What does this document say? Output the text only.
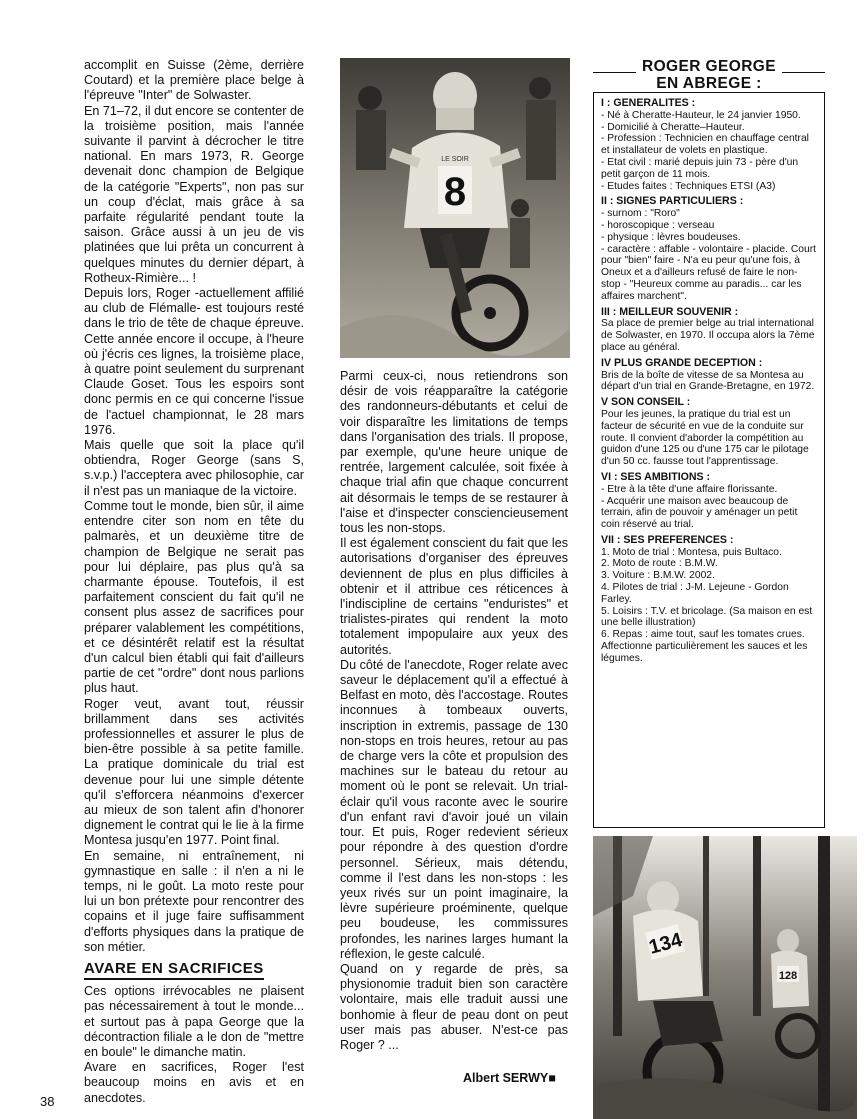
accomplit en Suisse (2ème, derrière Coutard) et la première place belge à l'épreuve "Inter" de Solwaster.

En 71–72, il dut encore se contenter de la troisième position, mais l'année suivante il parvint à décrocher le titre national. En mars 1973, R. George devenait donc champion de Belgique de la catégorie "Experts", non pas sur un coup d'éclat, mais grâce à sa parfaite régularité pendant toute la saison. Grâce aussi à un jeu de vis platinées que lui prêta un concurrent à quelques minutes du dernier départ, à Rotheux-Rimière... !

Depuis lors, Roger -actuellement affilié au club de Flémalle- est toujours resté dans le trio de tête de chaque épreuve. Cette année encore il occupe, à l'heure où j'écris ces lignes, la troisième place, à quatre point seulement du surprenant Claude Goset. Tous les espoirs sont donc permis en ce qui concerne l'issue de l'actuel championnat, le 28 mars 1976.

Mais quelle que soit la place qu'il obtiendra, Roger George (sans S, s.v.p.) l'acceptera avec philosophie, car il n'est pas un maniaque de la victoire.

Comme tout le monde, bien sûr, il aime entendre citer son nom en tête du palmarès, et un deuxième titre de champion de Belgique ne serait pas pour lui déplaire, pas plus qu'à sa charmante épouse. Toutefois, il est parfaitement conscient du fait qu'il ne consent plus assez de sacrifices pour préparer valablement les compétitions, et ce désintérêt relatif est la résultat d'un calcul bien établi qui fait d'ailleurs partie de cet "ordre" dont nous parlions plus haut.

Roger veut, avant tout, réussir brillamment dans ses activités professionnelles et assurer le plus de bien-être possible à sa petite famille. La pratique dominicale du trial est devenue pour lui une simple détente qu'il s'efforcera néanmoins d'exercer au mieux de son talent afin d'honorer dignement le contrat qui le lie à la firme Montesa jusqu'en 1977. Point final.

En semaine, ni entraînement, ni gymnastique en salle : il n'en a ni le temps, ni le goût. La moto reste pour lui un bon prétexte pour rencontrer des copains et il juge faire suffisamment d'efforts physiques dans la pratique de son métier.

AVARE EN SACRIFICES

Ces options irrévocables ne plaisent pas nécessairement à tout le monde... et surtout pas à papa George que la décontraction filiale a le don de "mettre en boule" le dimanche matin.

Avare en sacrifices, Roger l'est beaucoup moins en avis et en anecdotes.

8
LE SOIR

Parmi ceux-ci, nous retiendrons son désir de vois réapparaître la catégorie des randonneurs-débutants et celui de voir disparaître les limitations de temps dans l'organisation des trials. Il propose, par exemple, qu'une heure unique de rentrée, largement calculée, soit fixée à chaque trial afin que chaque concurrent ait désormais le temps de se restaurer à l'aise et d'inspecter consciencieusement tous les non-stops.

Il est également conscient du fait que les autorisations d'organiser des épreuves deviennent de plus en plus difficiles à obtenir et il attribue ces réticences à l'indiscipline de certains "enduristes" et trialistes-pirates qui rendent la moto totalement impopulaire aux yeux des autorités.

Du côté de l'anecdote, Roger relate avec saveur le déplacement qu'il a effectué à Belfast en moto, dès l'accostage. Routes inconnues à tombeaux ouverts, inscription in extremis, passage de 130 non-stops en trois heures, retour au pas de charge vers la côte et propulsion des machines sur le bateau du retour au moment où le pont se relevait. Un trial-éclair qu'il vous raconte avec le sourire d'un enfant ravi d'avoir joué un vilain tour. Et puis, Roger redevient sérieux pour répondre à des question d'ordre personnel. Sérieux, mais détendu, comme il l'est dans les non-stops : les yeux rivés sur un point imaginaire, la lèvre supérieure proéminente, quelque peu boudeuse, les commissures profondes, les narines larges humant la réflexion, le geste calculé.

Quand on y regarde de près, sa physionomie traduit bien son caractère volontaire, mais elle traduit aussi une bonhomie à fleur de peau dont on peut user mais pas abuser. N'est-ce pas Roger ? ...

Albert SERWY■
38
ROGER GEORGE
EN ABREGE :
I : GENERALITES :

- Né à Cheratte-Hauteur, le 24 janvier 1950.

- Domicilié à Cheratte–Hauteur.

- Profession : Technicien en chauffage central et installateur de volets en plastique.

- Etat civil : marié depuis juin 73 - père d'un petit garçon de 11 mois.

- Etudes faites : Techniques ETSI (A3)

II : SIGNES PARTICULIERS :

- surnom : "Roro"

- horoscopique : verseau

- physique : lèvres boudeuses.

- caractère : affable - volontaire - placide. Court pour "bien" faire - N'a eu peur qu'une fois, à Oneux et a d'ailleurs refusé de faire le non-stop - "Heureux comme au paradis... car les affaires marchent".

III : MEILLEUR SOUVENIR :

Sa place de premier belge au trial international de Solwaster, en 1970. Il occupa alors la 7ème place au général.

IV PLUS GRANDE DECEPTION :

Bris de la boîte de vitesse de sa Montesa au départ d'un trial en Grande-Bretagne, en 1972.

V SON CONSEIL :

Pour les jeunes, la pratique du trial est un facteur de sécurité en vue de la conduite sur route. Il convient d'aborder la compétition au guidon d'une 125 ou d'une 175 car le pilotage d'un 50 cc. fausse tout l'apprentissage.

VI : SES AMBITIONS :

- Etre à la tête d'une affaire florissante.

- Acquérir une maison avec beaucoup de terrain, afin de pouvoir y aménager un petit coin réservé au trial.

VII : SES PREFERENCES :

1. Moto de trial : Montesa, puis Bultaco.

2. Moto de route : B.M.W.

3. Voiture : B.M.W. 2002.

4. Pilotes de trial : J-M. Lejeune - Gordon Farley.

5. Loisirs : T.V. et bricolage. (Sa maison en est une belle illustration)

6. Repas : aime tout, sauf les tomates crues. Affectionne particulièrement les sauces et les légumes.

134
128
